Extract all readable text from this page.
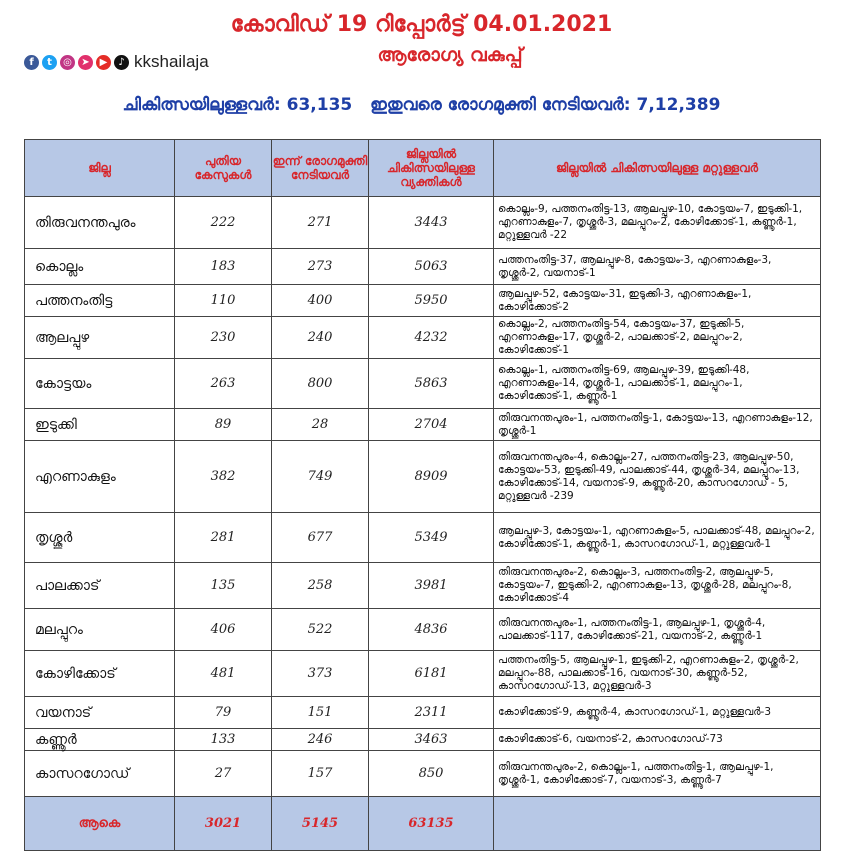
കോവിഡ് 19 റിപ്പോർട്ട് 04.01.2021
ആരോഗ്യ വകുപ്പ്
f	t	◎ ➤ ▶	♪ kkshailaja
ചികിത്സയിലുള്ളവർ: 63,135 ഇതുവരെ രോഗമുക്തി നേടിയവർ: 7,12,389
ജില്ല	പുതിയ കേസുകൾ	ഇന്ന് രോഗമുക്തി നേടിയവർ	ജില്ലയിൽ ചികിത്സയിലുള്ള വ്യക്തികൾ	ജില്ലയിൽ ചികിത്സയിലുള്ള മറ്റുള്ളവർ
തിരുവനന്തപുരം	222	271	3443	കൊല്ലം-9, പത്തനംതിട്ട-13, ആലപ്പുഴ-10, കോട്ടയം-7, ഇടുക്കി-1, എറണാകുളം-7, തൃശ്ശൂർ-3, മലപ്പുറം-2, കോഴിക്കോട്-1, കണ്ണൂർ-1, മറ്റുള്ളവർ -22
കൊല്ലം	183	273	5063	പത്തനംതിട്ട-37, ആലപ്പുഴ-8, കോട്ടയം-3, എറണാകുളം-3, തൃശ്ശൂർ-2, വയനാട്-1
പത്തനംതിട്ട	110	400	5950	ആലപ്പുഴ-52, കോട്ടയം-31, ഇടുക്കി-3, എറണാകുളം-1, കോഴിക്കോട്-2
ആലപ്പുഴ	230	240	4232	കൊല്ലം-2, പത്തനംതിട്ട-54, കോട്ടയം-37, ഇടുക്കി-5, എറണാകുളം-17, തൃശ്ശൂർ-2, പാലക്കാട്-2, മലപ്പുറം-2, കോഴിക്കോട്-1
കോട്ടയം	263	800	5863	കൊല്ലം-1, പത്തനംതിട്ട-69, ആലപ്പുഴ-39, ഇടുക്കി-48, എറണാകുളം-14, തൃശ്ശൂർ-1, പാലക്കാട്-1, മലപ്പുറം-1, കോഴിക്കോട്-1, കണ്ണൂർ-1
ഇടുക്കി	89	28	2704	തിരുവനന്തപുരം-1, പത്തനംതിട്ട-1, കോട്ടയം-13, എറണാകുളം-12, തൃശ്ശൂർ-1
എറണാകുളം	382	749	8909	തിരുവനന്തപുരം-4, കൊല്ലം-27, പത്തനംതിട്ട-23, ആലപ്പുഴ-50, കോട്ടയം-53, ഇടുക്കി-49, പാലക്കാട്-44, തൃശ്ശൂർ-34, മലപ്പുറം-13, കോഴിക്കോട്-14, വയനാട്-9, കണ്ണൂർ-20, കാസറഗോഡ് - 5, മറ്റുള്ളവർ -239
തൃശ്ശൂർ	281	677	5349	ആലപ്പുഴ-3, കോട്ടയം-1, എറണാകുളം-5, പാലക്കാട്-48, മലപ്പുറം-2, കോഴിക്കോട്-1, കണ്ണൂർ-1, കാസറഗോഡ്-1, മറ്റുള്ളവർ-1
പാലക്കാട്	135	258	3981	തിരുവനന്തപുരം-2, കൊല്ലം-3, പത്തനംതിട്ട-2, ആലപ്പുഴ-5, കോട്ടയം-7, ഇടുക്കി-2, എറണാകുളം-13, തൃശ്ശൂർ-28, മലപ്പുറം-8, കോഴിക്കോട്-4
മലപ്പുറം	406	522	4836	തിരുവനന്തപുരം-1, പത്തനംതിട്ട-1, ആലപ്പുഴ-1, തൃശ്ശൂർ-4, പാലക്കാട്-117, കോഴിക്കോട്-21, വയനാട്-2, കണ്ണൂർ-1
കോഴിക്കോട്	481	373	6181	പത്തനംതിട്ട-5, ആലപ്പുഴ-1, ഇടുക്കി-2, എറണാകുളം-2, തൃശ്ശൂർ-2, മലപ്പുറം-88, പാലക്കാട്-16, വയനാട്-30, കണ്ണൂർ-52, കാസറഗോഡ്-13, മറ്റുള്ളവർ-3
വയനാട്	79	151	2311	കോഴിക്കോട്-9, കണ്ണൂർ-4, കാസറഗോഡ്-1, മറ്റുള്ളവർ-3
കണ്ണൂർ	133	246	3463	കോഴിക്കോട്-6, വയനാട്-2, കാസറഗോഡ്-73
കാസറഗോഡ്	27	157	850	തിരുവനന്തപുരം-2, കൊല്ലം-1, പത്തനംതിട്ട-1, ആലപ്പുഴ-1, തൃശ്ശൂർ-1, കോഴിക്കോട്-7, വയനാട്-3, കണ്ണൂർ-7
ആകെ	3021	5145	63135	
